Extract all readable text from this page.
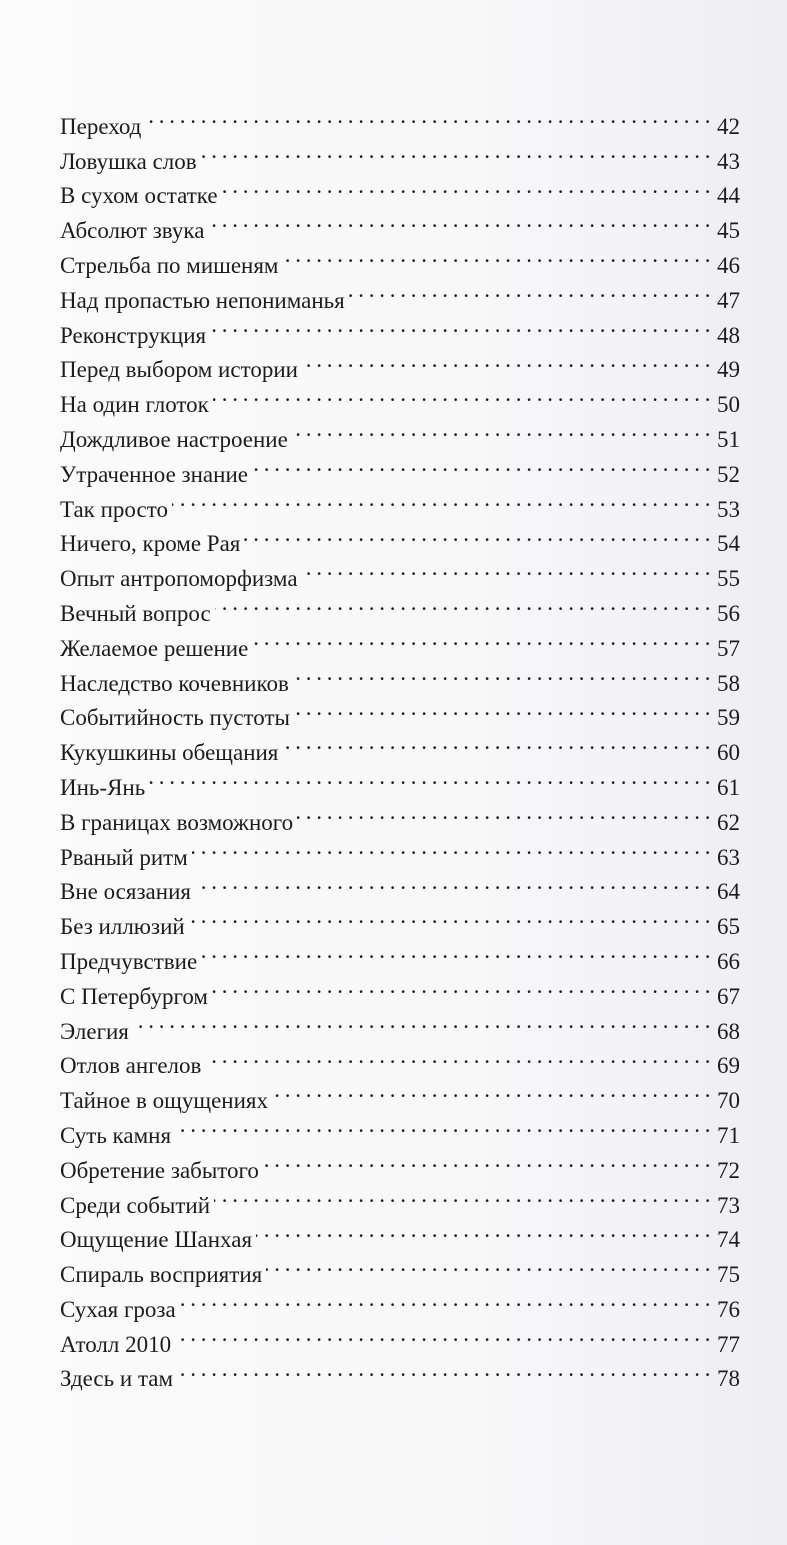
Переход . . .	42
Ловушка слов . . .	43
В сухом остатке . . .	44
Абсолют звука . . .	45
Стрельба по мишеням . . .	46
Над пропастью непониманья . . .	47
Реконструкция . . .	48
Перед выбором истории . . .	49
На один глоток . . .	50
Дождливое настроение . . .	51
Утраченное знание . . .	52
Так просто . . .	53
Ничего, кроме Рая . . .	54
Опыт антропоморфизма . . .	55
Вечный вопрос . . .	56
Желаемое решение . . .	57
Наследство кочевников . . .	58
Событийность пустоты . . .	59
Кукушкины обещания . . .	60
Инь-Янь . . .	61
В границах возможного . . .	62
Рваный ритм . . .	63
Вне осязания . . .	64
Без иллюзий . . .	65
Предчувствие . . .	66
С Петербургом . . .	67
Элегия . . .	68
Отлов ангелов . . .	69
Тайное в ощущениях . . .	70
Суть камня . . .	71
Обретение забытого . . .	72
Среди событий . . .	73
Ощущение Шанхая . . .	74
Спираль восприятия . . .	75
Сухая гроза . . .	76
Атолл 2010 . . .	77
Здесь и там . . .	78
